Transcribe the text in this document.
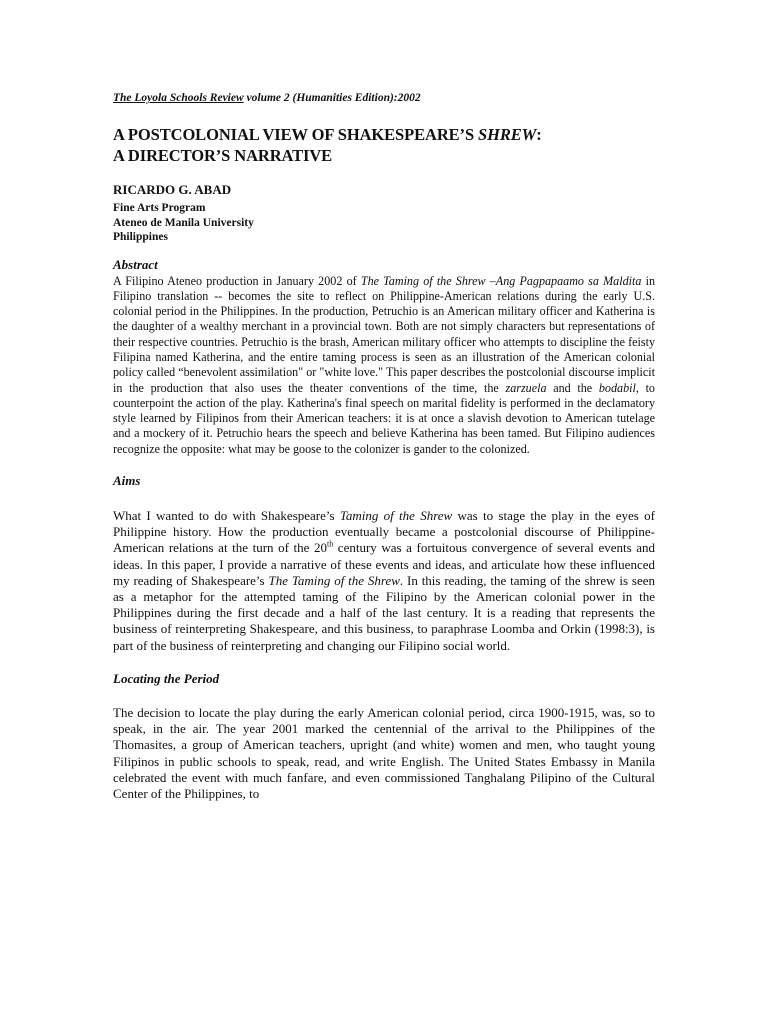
The Loyola Schools Review volume 2 (Humanities Edition):2002

A POSTCOLONIAL VIEW OF SHAKESPEARE’S SHREW:
A DIRECTOR’S NARRATIVE

RICARDO G. ABAD

Fine Arts Program
Ateneo de Manila University
Philippines

Abstract

A Filipino Ateneo production in January 2002 of The Taming of the Shrew –Ang Pagpapaamo sa Maldita in Filipino translation -- becomes the site to reflect on Philippine-American relations during the early U.S. colonial period in the Philippines. In the production, Petruchio is an American military officer and Katherina is the daughter of a wealthy merchant in a provincial town. Both are not simply characters but representations of their respective countries. Petruchio is the brash, American military officer who attempts to discipline the feisty Filipina named Katherina, and the entire taming process is seen as an illustration of the American colonial policy called “benevolent assimilation" or "white love." This paper describes the postcolonial discourse implicit in the production that also uses the theater conventions of the time, the zarzuela and the bodabil, to counterpoint the action of the play. Katherina's final speech on marital fidelity is performed in the declamatory style learned by Filipinos from their American teachers: it is at once a slavish devotion to American tutelage and a mockery of it. Petruchio hears the speech and believe Katherina has been tamed. But Filipino audiences recognize the opposite: what may be goose to the colonizer is gander to the colonized.

Aims

What I wanted to do with Shakespeare’s Taming of the Shrew was to stage the play in the eyes of Philippine history. How the production eventually became a postcolonial discourse of Philippine-American relations at the turn of the 20th century was a fortuitous convergence of several events and ideas. In this paper, I provide a narrative of these events and ideas, and articulate how these influenced my reading of Shakespeare’s The Taming of the Shrew. In this reading, the taming of the shrew is seen as a metaphor for the attempted taming of the Filipino by the American colonial power in the Philippines during the first decade and a half of the last century. It is a reading that represents the business of reinterpreting Shakespeare, and this business, to paraphrase Loomba and Orkin (1998:3), is part of the business of reinterpreting and changing our Filipino social world.

Locating the Period

The decision to locate the play during the early American colonial period, circa 1900-1915, was, so to speak, in the air. The year 2001 marked the centennial of the arrival to the Philippines of the Thomasites, a group of American teachers, upright (and white) women and men, who taught young Filipinos in public schools to speak, read, and write English. The United States Embassy in Manila celebrated the event with much fanfare, and even commissioned Tanghalang Pilipino of the Cultural Center of the Philippines, to
